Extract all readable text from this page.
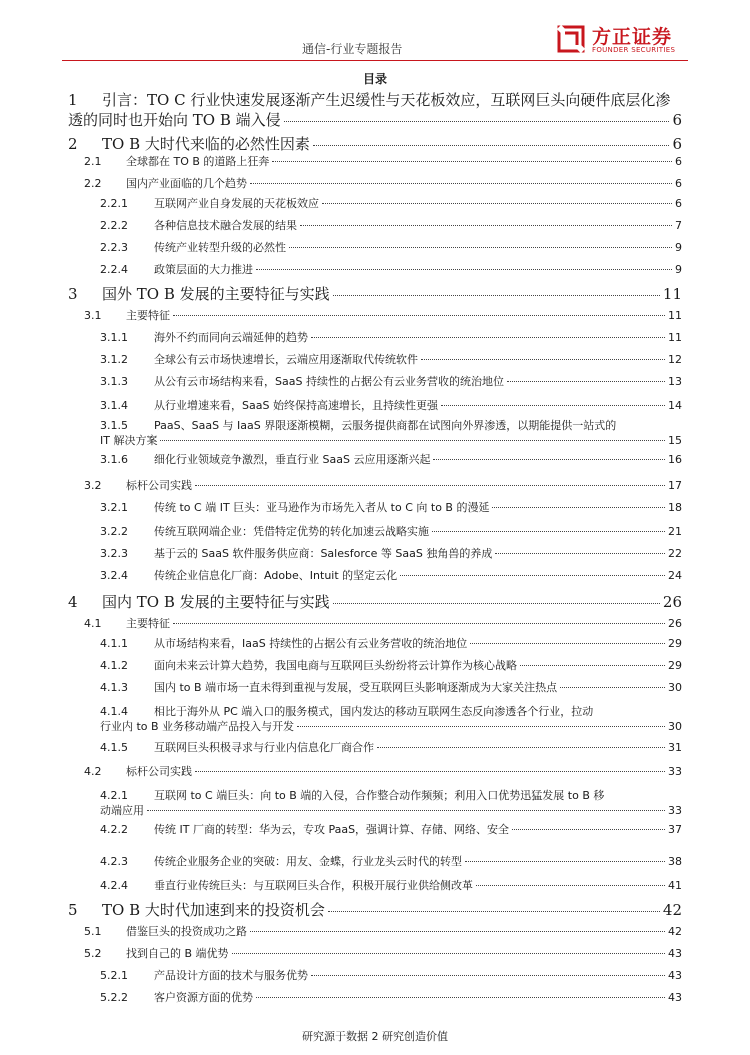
通信-行业专题报告
方正证券
FOUNDER SECURITIES
目录
1 引言：TO C 行业快速发展逐渐产生迟缓性与天花板效应，互联网巨头向硬件底层化渗
透的同时也开始向 TO B 端入侵	6
2	TO B 大时代来临的必然性因素	6
2.1	全球都在 TO B 的道路上狂奔	6
2.2	国内产业面临的几个趋势	6
2.2.1	互联网产业自身发展的天花板效应	6
2.2.2	各种信息技术融合发展的结果	7
2.2.3	传统产业转型升级的必然性	9
2.2.4	政策层面的大力推进	9
3	国外 TO B 发展的主要特征与实践	11
3.1	主要特征	11
3.1.1	海外不约而同向云端延伸的趋势	11
3.1.2	全球公有云市场快速增长，云端应用逐渐取代传统软件	12
3.1.3	从公有云市场结构来看，SaaS 持续性的占据公有云业务营收的统治地位	13
3.1.4	从行业增速来看，SaaS 始终保持高速增长，且持续性更强	14
3.1.5 PaaS、SaaS 与 IaaS 界限逐渐模糊，云服务提供商都在试图向外界渗透，以期能提供一站式的
IT 解决方案	15
3.1.6	细化行业领域竞争激烈，垂直行业 SaaS 云应用逐渐兴起	16
3.2	标杆公司实践	17
3.2.1	传统 to C 端 IT 巨头：亚马逊作为市场先入者从 to C 向 to B 的漫延	18
3.2.2	传统互联网端企业：凭借特定优势的转化加速云战略实施	21
3.2.3	基于云的 SaaS 软件服务供应商：Salesforce 等 SaaS 独角兽的养成	22
3.2.4	传统企业信息化厂商：Adobe、Intuit 的坚定云化	24
4	国内 TO B 发展的主要特征与实践	26
4.1	主要特征	26
4.1.1	从市场结构来看，IaaS 持续性的占据公有云业务营收的统治地位	29
4.1.2	面向未来云计算大趋势，我国电商与互联网巨头纷纷将云计算作为核心战略	29
4.1.3	国内 to B 端市场一直未得到重视与发展，受互联网巨头影响逐渐成为大家关注热点	30
4.1.4 相比于海外从 PC 端入口的服务模式，国内发达的移动互联网生态反向渗透各个行业，拉动
行业内 to B 业务移动端产品投入与开发	30
4.1.5	互联网巨头积极寻求与行业内信息化厂商合作	31
4.2	标杆公司实践	33
4.2.1 互联网 to C 端巨头：向 to B 端的入侵，合作整合动作频频；利用入口优势迅猛发展 to B 移
动端应用	33
4.2.2	传统 IT 厂商的转型：华为云，专攻 PaaS，强调计算、存储、网络、安全	37
4.2.3	传统企业服务企业的突破：用友、金蝶，行业龙头云时代的转型	38
4.2.4	垂直行业传统巨头：与互联网巨头合作，积极开展行业供给侧改革	41
5	TO B 大时代加速到来的投资机会	42
5.1	借鉴巨头的投资成功之路	42
5.2	找到自己的 B 端优势	43
5.2.1	产品设计方面的技术与服务优势	43
5.2.2	客户资源方面的优势	43
研究源于数据 2 研究创造价值
